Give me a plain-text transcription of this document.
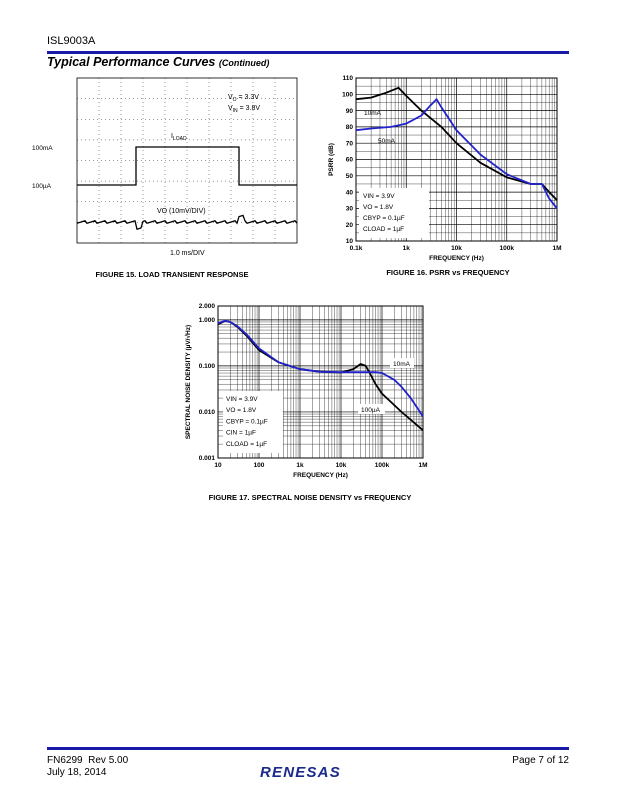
ISL9003A
Typical Performance Curves (Continued)
$V_O = 3.3V$
$V_{IN} = 3.8V$
$I_{LOAD}$
100mA
100µA
VO (10mV/DIV)
1.0 ms/DIV
FIGURE 15. LOAD TRANSIENT RESPONSE
0.1k	1k	10k	100k	1M
10
20
30
40
50
60
70
80
90
100
110
FREQUENCY (Hz)
PSRR (dB)
VIN = 3.9V
VO = 1.8V
CBYP = 0.1µF
CLOAD = 1µF
10mA
50mA
FIGURE 16. PSRR vs FREQUENCY
10	100	1k	10k	100k	1M
2.000
1.000
0.100
0.010
0.001
FREQUENCY (Hz)
SPECTRAL NOISE DENSITY (µV/√Hz)	VIN = 3.9V
VO = 1.8V
CBYP = 0.1µF
CIN = 1µF
CLOAD = 1µF
10mA
100µA
FIGURE 17. SPECTRAL NOISE DENSITY vs FREQUENCY
FN6299  Rev 5.00
July 18, 2014
Page 7 of 12
RENESAS
